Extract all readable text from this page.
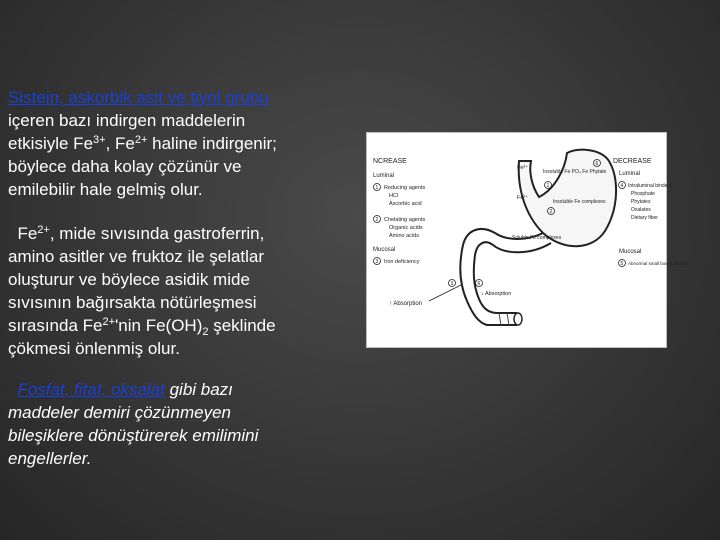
Sistein, askorbik asit ve tiyol grubu
içeren bazı indirgen maddelerin
etkisiyle $Fe^{3+}$, $Fe^{2+}$ haline indirgenir;
böylece daha kolay çözünür ve
emilebilir hale gelmiş olur.
$Fe^{2+}$, mide sıvısında gastroferrin,
amino asitler ve fruktoz ile şelatlar
oluşturur ve böylece asidik mide
sıvısının bağırsakta nötürleşmesi
sırasında $Fe^{2+}'nin$ $Fe(OH)_2$ şeklinde
çökmesi önlenmiş olur.
Fosfat, fitat, oksalat gibi bazı
maddeler demiri çözünmeyen
bileşiklere dönüştürerek emilimini
engellerler.
NCREASE
Luminal
1 Reducing agents
HCl
Ascorbic acid
2 Chelating agents
Organic acids
Amino acids
Mucosal
3 Iron deficiency
↑ Absorption
Fe³⁺
Fe²⁺
Insoluble Fe PO₄ Fe Phytate
1
Insoluble Fe complexes
2
Soluble Fe complexes
3	6
↓ Absorption
DECREASE
6
Luminal
4 Intraluminal binders
Phosphate
Phytates
Oxalates
Dietary fiber
Mucosal
5 Abnormal small bowel disease
